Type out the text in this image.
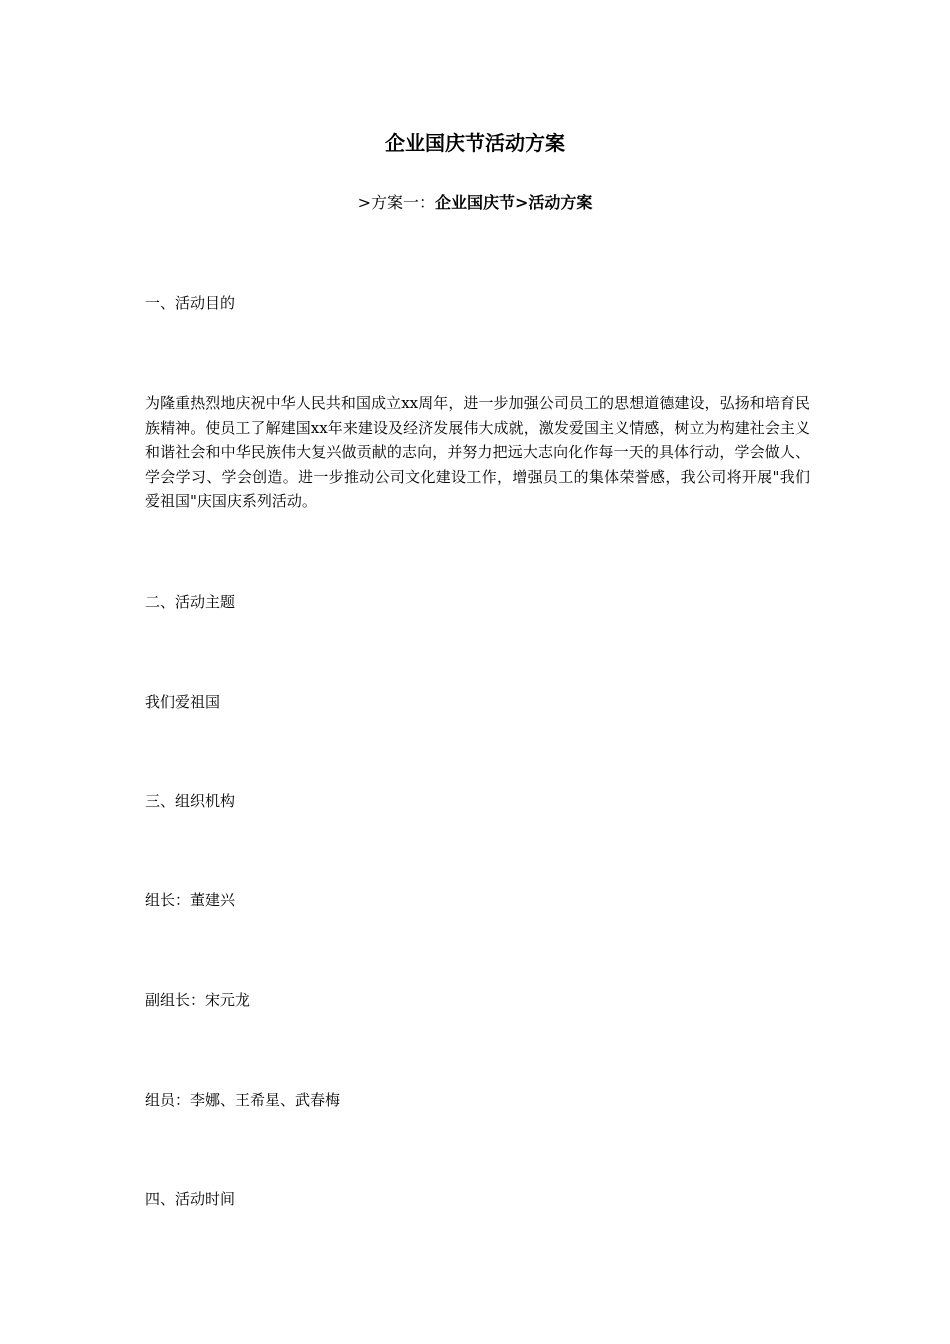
企业国庆节活动方案
>方案一：企业国庆节>活动方案
一、活动目的
为隆重热烈地庆祝中华人民共和国成立xx周年，进一步加强公司员工的思想道德建设，弘扬和培育民族精神。使员工了解建国xx年来建设及经济发展伟大成就，激发爱国主义情感，树立为构建社会主义和谐社会和中华民族伟大复兴做贡献的志向，并努力把远大志向化作每一天的具体行动，学会做人、学会学习、学会创造。进一步推动公司文化建设工作，增强员工的集体荣誉感，我公司将开展"我们爱祖国"庆国庆系列活动。
二、活动主题
我们爱祖国
三、组织机构
组长：董建兴
副组长：宋元龙
组员：李娜、王希星、武春梅
四、活动时间
